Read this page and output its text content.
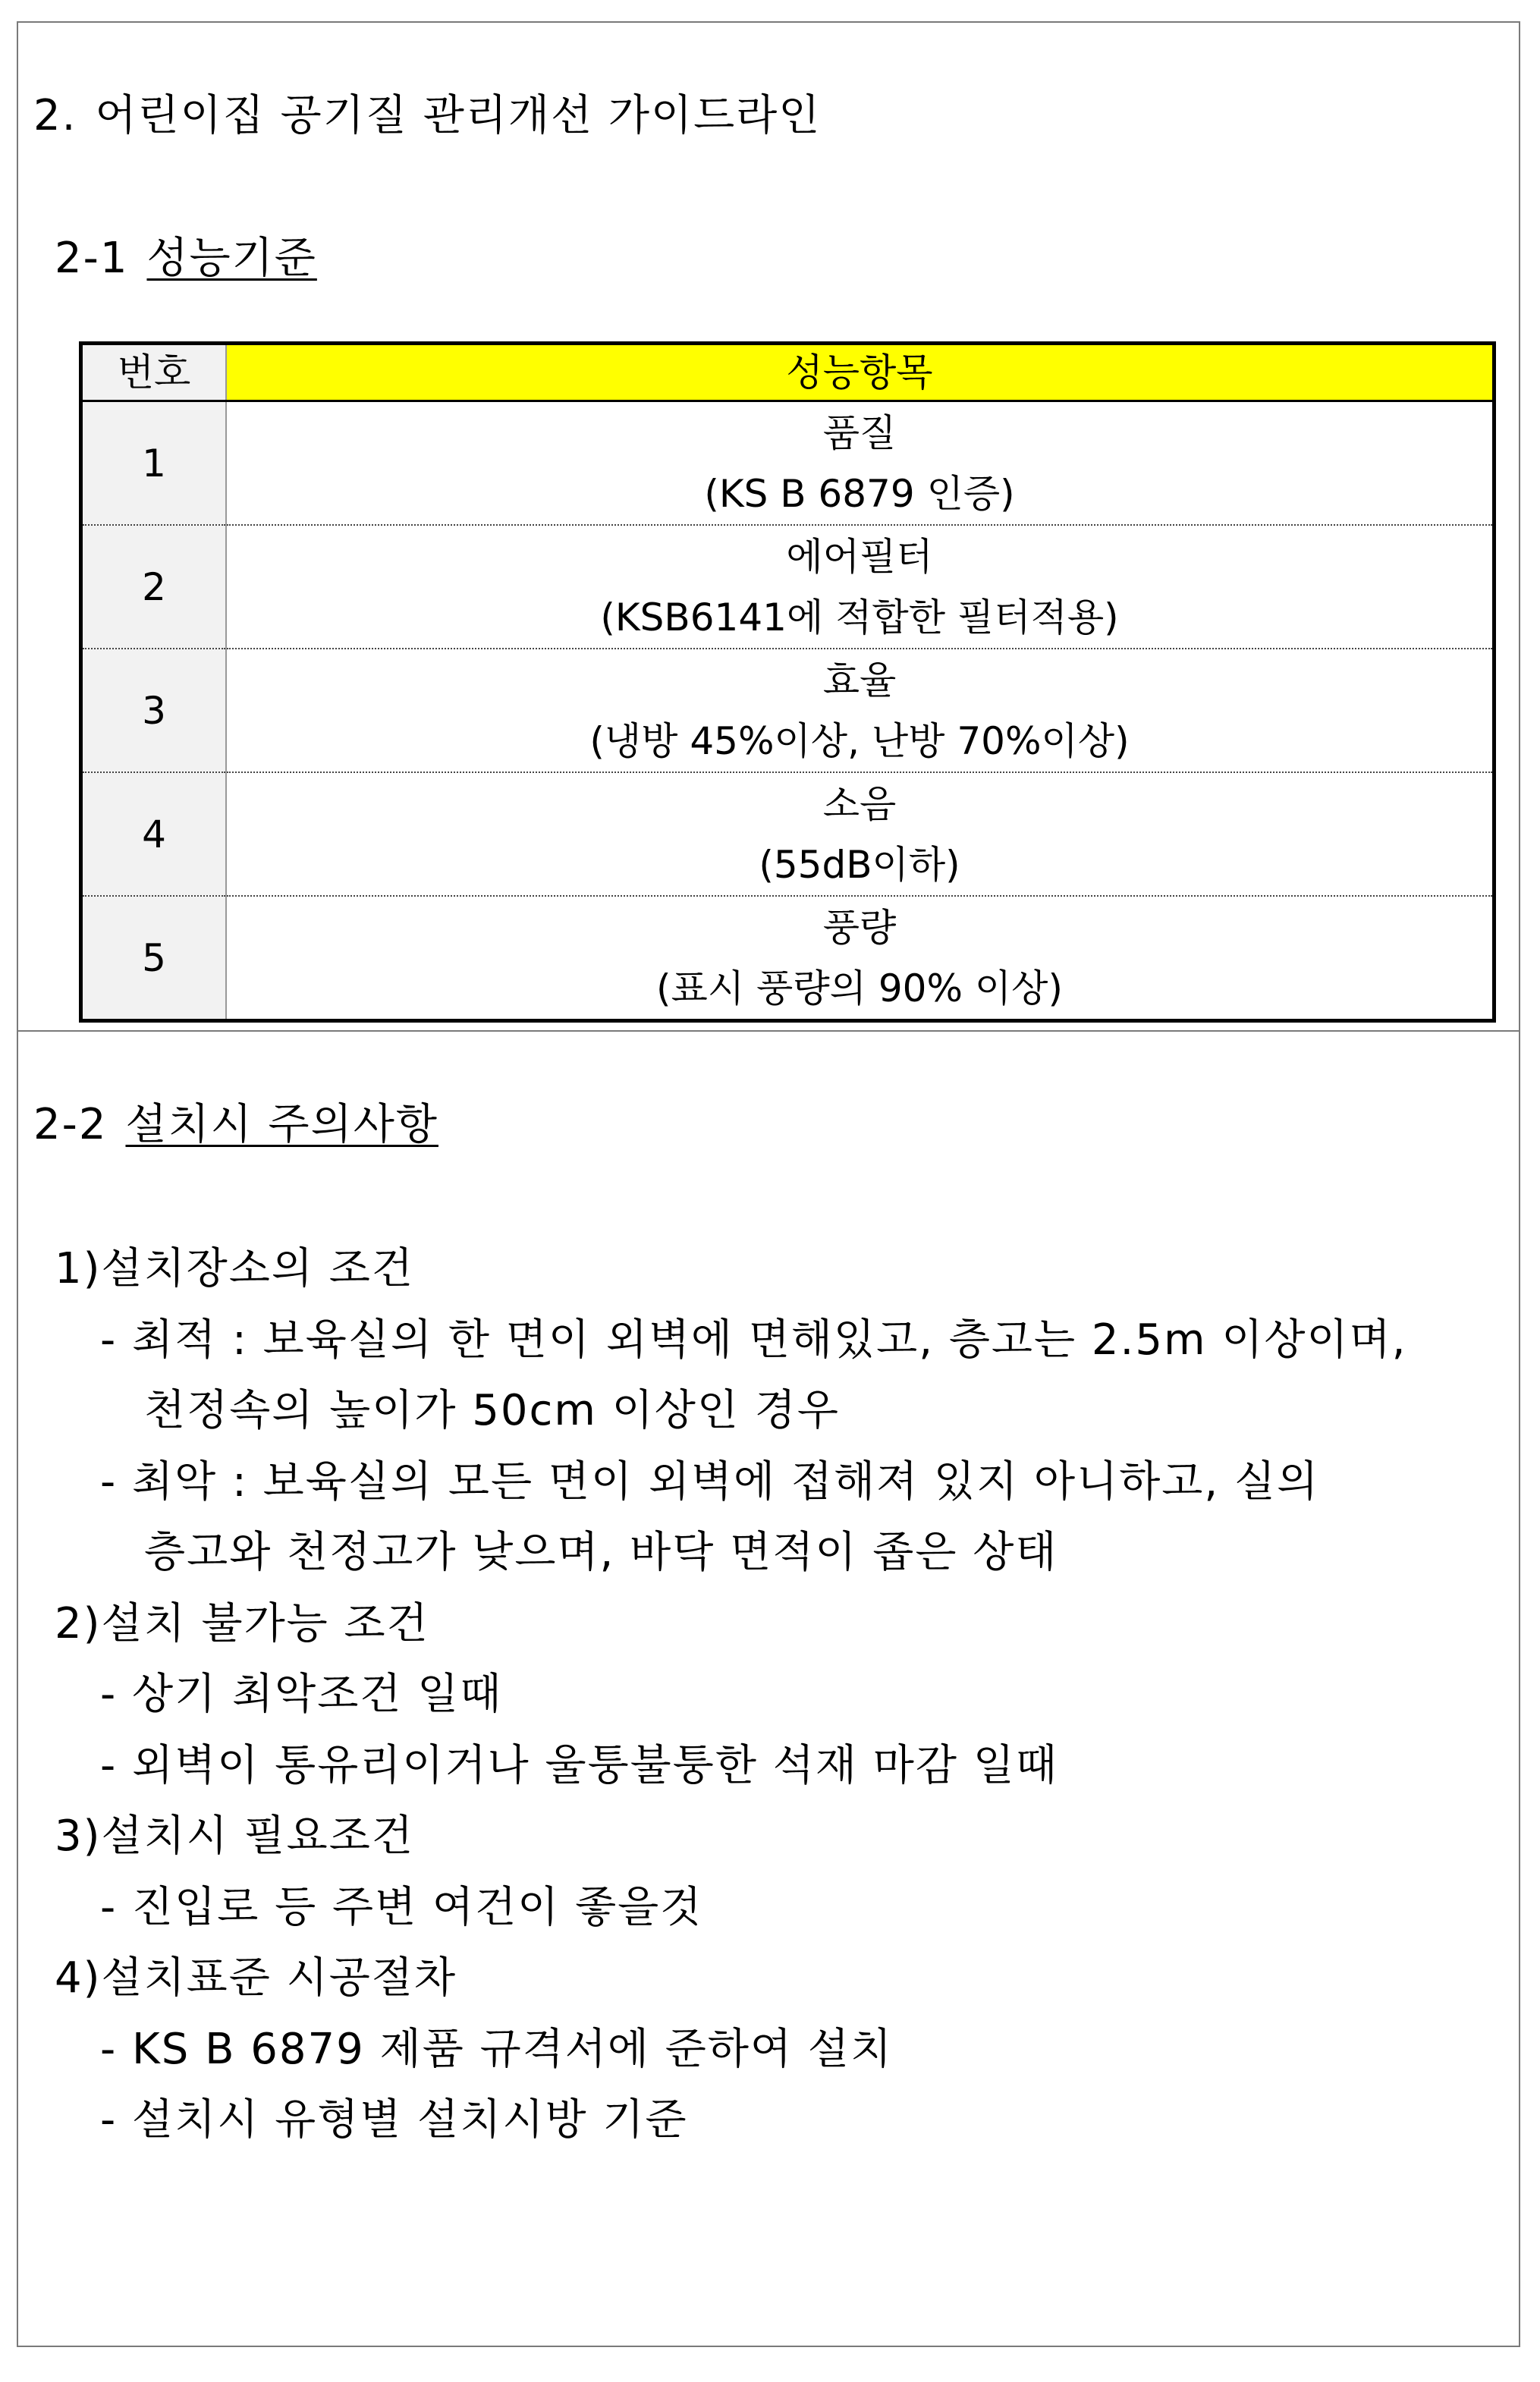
2. 어린이집 공기질 관리개선 가이드라인
2-1 성능기준
번호	성능항목
1	품질
(KS B 6879 인증)

2	에어필터
(KSB6141에 적합한 필터적용)

3	효율
(냉방 45%이상, 난방 70%이상)

4	소음
(55dB이하)

5	풍량
(표시 풍량의 90% 이상)
2-2 설치시 주의사항
1)설치장소의 조건
- 최적 : 보육실의 한 면이 외벽에 면해있고, 층고는 2.5m 이상이며,
천정속의 높이가 50cm 이상인 경우
- 최악 : 보육실의 모든 면이 외벽에 접해져 있지 아니하고, 실의
층고와 천정고가 낮으며, 바닥 면적이 좁은 상태
2)설치 불가능 조건
- 상기 최악조건 일때
- 외벽이 통유리이거나 울퉁불퉁한 석재 마감 일때
3)설치시 필요조건
- 진입로 등 주변 여건이 좋을것
4)설치표준 시공절차
- KS B 6879 제품 규격서에 준하여 설치
- 설치시 유형별 설치시방 기준
